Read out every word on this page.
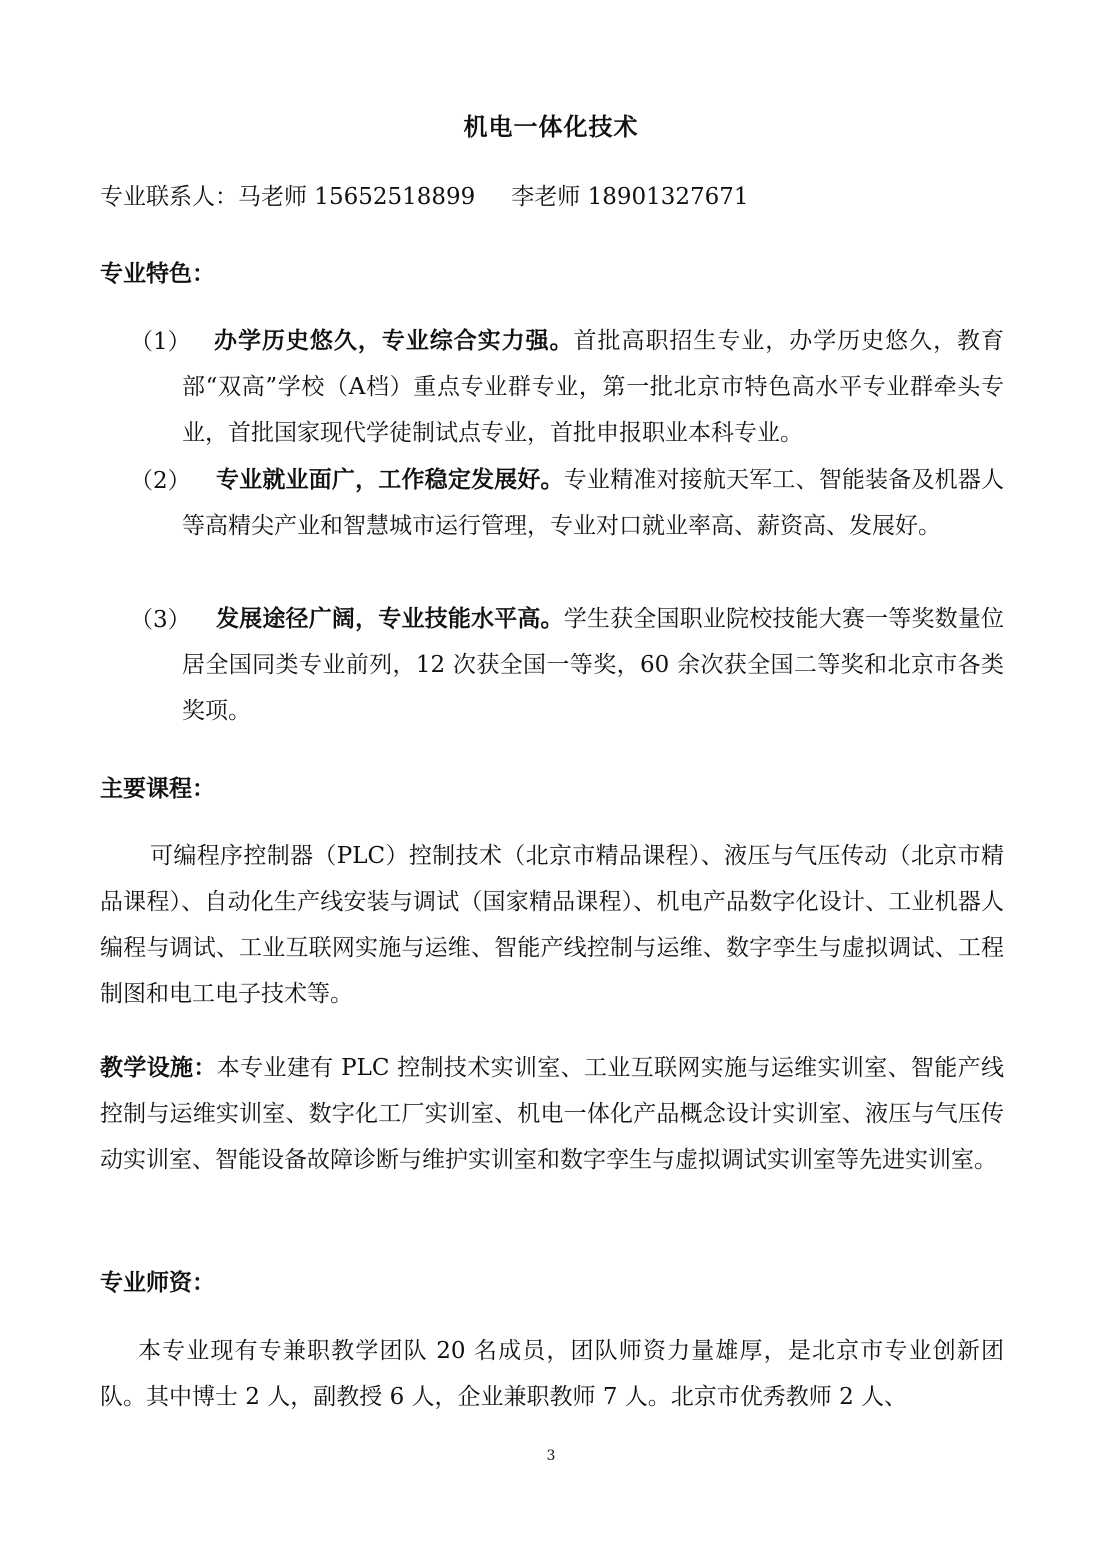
机电一体化技术
专业联系人：马老师 15652518899 李老师 18901327671
专业特色：
（1）	办学历史悠久，专业综合实力强。首批高职招生专业，办学历史悠久，教育部“双高”学校（A档）重点专业群专业，第一批北京市特色高水平专业群牵头专业，首批国家现代学徒制试点专业，首批申报职业本科专业。
（2）	专业就业面广，工作稳定发展好。专业精准对接航天军工、智能装备及机器人等高精尖产业和智慧城市运行管理，专业对口就业率高、薪资高、发展好。
（3）	发展途径广阔，专业技能水平高。学生获全国职业院校技能大赛一等奖数量位居全国同类专业前列，12 次获全国一等奖，60 余次获全国二等奖和北京市各类奖项。
主要课程：
可编程序控制器（PLC）控制技术（北京市精品课程）、液压与气压传动（北京市精品课程）、自动化生产线安装与调试（国家精品课程）、机电产品数字化设计、工业机器人编程与调试、工业互联网实施与运维、智能产线控制与运维、数字孪生与虚拟调试、工程制图和电工电子技术等。
教学设施：本专业建有 PLC 控制技术实训室、工业互联网实施与运维实训室、智能产线控制与运维实训室、数字化工厂实训室、机电一体化产品概念设计实训室、液压与气压传动实训室、智能设备故障诊断与维护实训室和数字孪生与虚拟调试实训室等先进实训室。
专业师资：
本专业现有专兼职教学团队 20 名成员，团队师资力量雄厚，是北京市专业创新团队。其中博士 2 人，副教授 6 人，企业兼职教师 7 人。北京市优秀教师 2 人、
3
